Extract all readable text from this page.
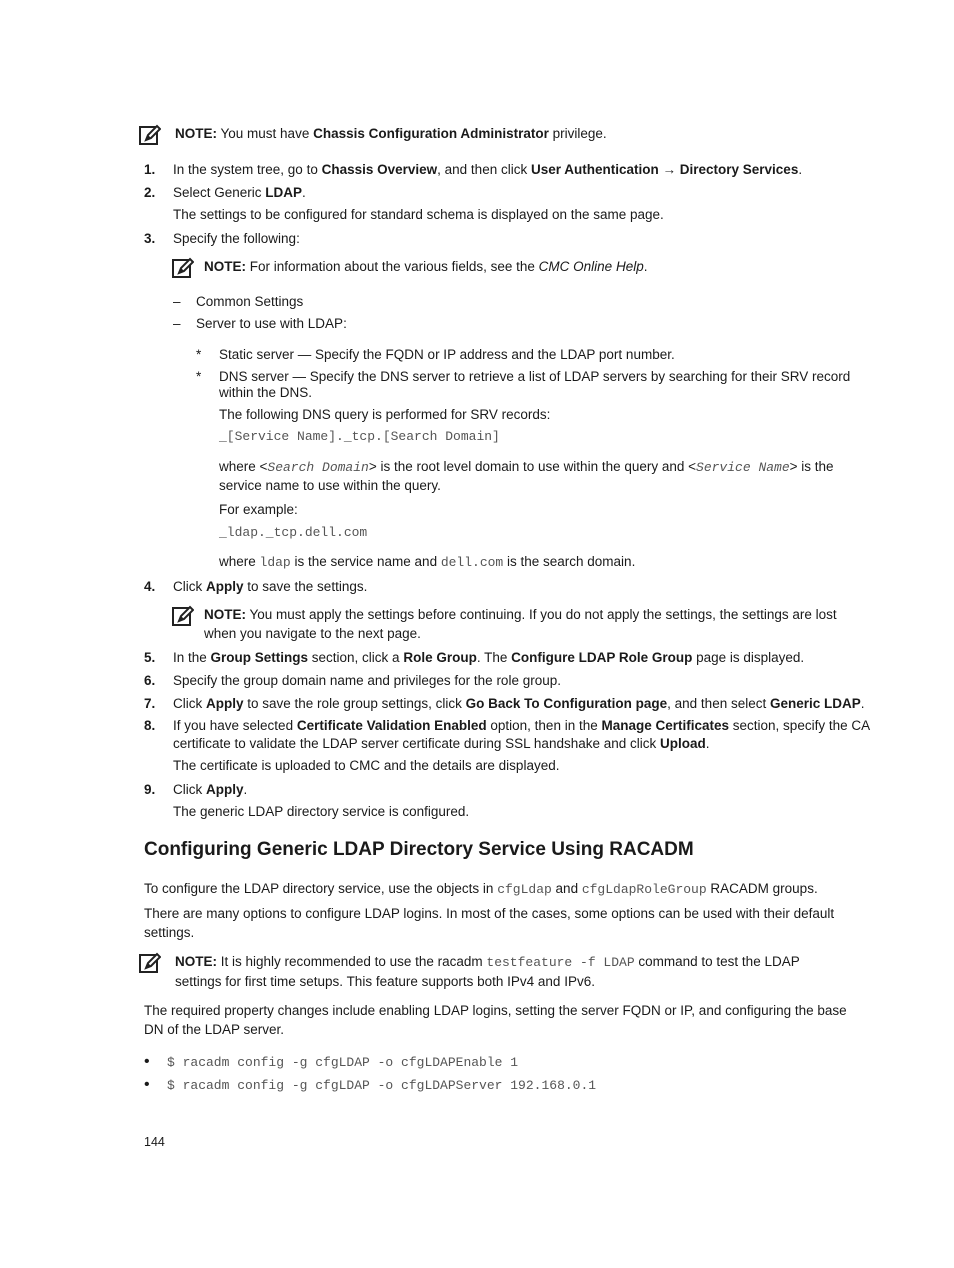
NOTE: You must have Chassis Configuration Administrator privilege.
1. In the system tree, go to Chassis Overview, and then click User Authentication → Directory Services.
2. Select Generic LDAP.
The settings to be configured for standard schema is displayed on the same page.
3. Specify the following:
NOTE: For information about the various fields, see the CMC Online Help.
– Common Settings
– Server to use with LDAP:
* Static server — Specify the FQDN or IP address and the LDAP port number.
* DNS server — Specify the DNS server to retrieve a list of LDAP servers by searching for their SRV record
within the DNS.
The following DNS query is performed for SRV records:
_[Service Name]._tcp.[Search Domain]
where <Search Domain> is the root level domain to use within the query and <Service Name> is the
service name to use within the query.
For example:
_ldap._tcp.dell.com
where ldap is the service name and dell.com is the search domain.
4. Click Apply to save the settings.
NOTE: You must apply the settings before continuing. If you do not apply the settings, the settings are lost
when you navigate to the next page.
5. In the Group Settings section, click a Role Group. The Configure LDAP Role Group page is displayed.
6. Specify the group domain name and privileges for the role group.
7. Click Apply to save the role group settings, click Go Back To Configuration page, and then select Generic LDAP.
8. If you have selected Certificate Validation Enabled option, then in the Manage Certificates section, specify the CA
certificate to validate the LDAP server certificate during SSL handshake and click Upload.
The certificate is uploaded to CMC and the details are displayed.
9. Click Apply.
The generic LDAP directory service is configured.
Configuring Generic LDAP Directory Service Using RACADM
To configure the LDAP directory service, use the objects in cfgLdap and cfgLdapRoleGroup RACADM groups.
There are many options to configure LDAP logins. In most of the cases, some options can be used with their default
settings.
NOTE: It is highly recommended to use the racadm testfeature -f LDAP command to test the LDAP
settings for first time setups. This feature supports both IPv4 and IPv6.
The required property changes include enabling LDAP logins, setting the server FQDN or IP, and configuring the base
DN of the LDAP server.
• $ racadm config -g cfgLDAP -o cfgLDAPEnable 1
• $ racadm config -g cfgLDAP -o cfgLDAPServer 192.168.0.1
144
